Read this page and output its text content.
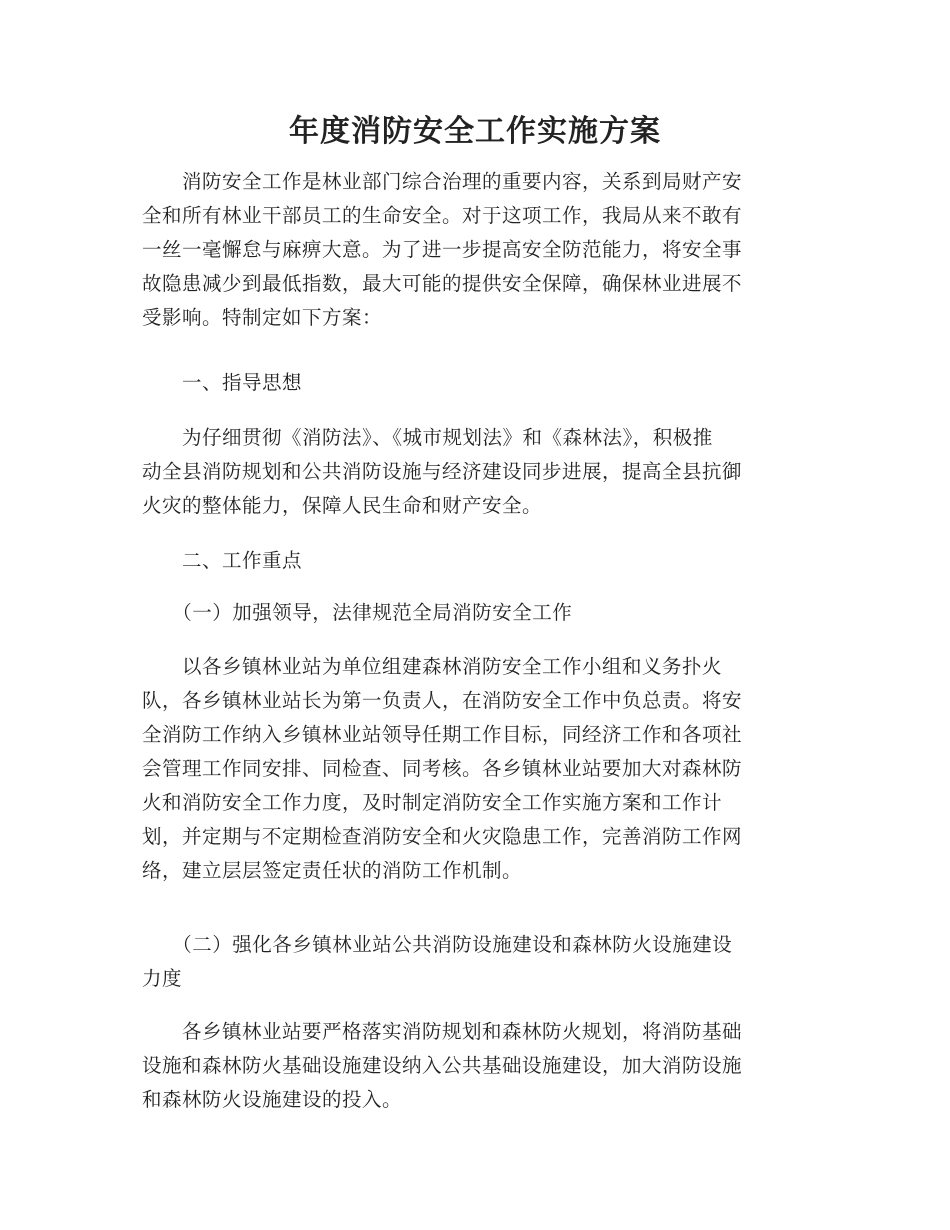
年度消防安全工作实施方案
　　消防安全工作是林业部门综合治理的重要内容，关系到局财产安
全和所有林业干部员工的生命安全。对于这项工作，我局从来不敢有
一丝一毫懈怠与麻痹大意。为了进一步提高安全防范能力，将安全事
故隐患减少到最低指数，最大可能的提供安全保障，确保林业进展不
受影响。特制定如下方案：
　　一、指导思想
　　为仔细贯彻《消防法》、《城市规划法》和《森林法》，积极推
动全县消防规划和公共消防设施与经济建设同步进展，提高全县抗御
火灾的整体能力，保障人民生命和财产安全。
　　二、工作重点
　　（一）加强领导，法律规范全局消防安全工作
　　以各乡镇林业站为单位组建森林消防安全工作小组和义务扑火
队，各乡镇林业站长为第一负责人，在消防安全工作中负总责。将安
全消防工作纳入乡镇林业站领导任期工作目标，同经济工作和各项社
会管理工作同安排、同检查、同考核。各乡镇林业站要加大对森林防
火和消防安全工作力度，及时制定消防安全工作实施方案和工作计
划，并定期与不定期检查消防安全和火灾隐患工作，完善消防工作网
络，建立层层签定责任状的消防工作机制。
　　（二）强化各乡镇林业站公共消防设施建设和森林防火设施建设
力度
　　各乡镇林业站要严格落实消防规划和森林防火规划，将消防基础
设施和森林防火基础设施建设纳入公共基础设施建设，加大消防设施
和森林防火设施建设的投入。
